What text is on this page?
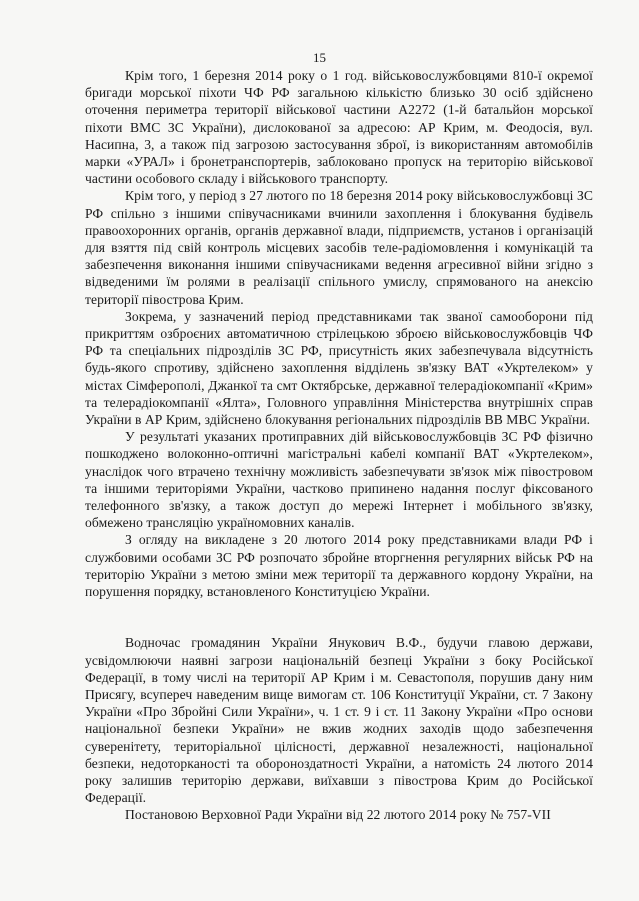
15

Крім того, 1 березня 2014 року о 1 год. військовослужбовцями 810-ї окремої бригади морської піхоти ЧФ РФ загальною кількістю близько 30 осіб здійснено оточення периметра території військової частини А2272 (1-й батальйон морської піхоти ВМС ЗС України), дислокованої за адресою: АР Крим, м. Феодосія, вул. Насипна, 3, а також під загрозою застосування зброї, із використанням автомобілів марки «УРАЛ» і бронетранспортерів, заблоковано пропуск на територію військової частини особового складу і військового транспорту.

Крім того, у період з 27 лютого по 18 березня 2014 року військовослужбовці ЗС РФ спільно з іншими співучасниками вчинили захоплення і блокування будівель правоохоронних органів, органів державної влади, підприємств, установ і організацій для взяття під свій контроль місцевих засобів теле-радіомовлення і комунікацій та забезпечення виконання іншими співучасниками ведення агресивної війни згідно з відведеними їм ролями в реалізації спільного умислу, спрямованого на анексію території півострова Крим.

Зокрема, у зазначений період представниками так званої самооборони під прикриттям озброєних автоматичною стрілецькою зброєю військовослужбовців ЧФ РФ та спеціальних підрозділів ЗС РФ, присутність яких забезпечувала відсутність будь-якого спротиву, здійснено захоплення відділень зв'язку ВАТ «Укртелеком» у містах Сімферополі, Джанкої та смт Октябрське, державної телерадіокомпанії «Крим» та телерадіокомпанії «Ялта», Головного управління Міністерства внутрішніх справ України в АР Крим, здійснено блокування регіональних підрозділів ВВ МВС України.

У результаті указаних протиправних дій військовослужбовців ЗС РФ фізично пошкоджено волоконно-оптичні магістральні кабелі компанії ВАТ «Укртелеком», унаслідок чого втрачено технічну можливість забезпечувати зв'язок між півостровом та іншими територіями України, частково припинено надання послуг фіксованого телефонного зв'язку, а також доступ до мережі Інтернет і мобільного зв'язку, обмежено трансляцію україномовних каналів.

З огляду на викладене з 20 лютого 2014 року представниками влади РФ і службовими особами ЗС РФ розпочато збройне вторгнення регулярних військ РФ на територію України з метою зміни меж території та державного кордону України, на порушення порядку, встановленого Конституцією України.

Водночас громадянин України Янукович В.Ф., будучи главою держави, усвідомлюючи наявні загрози національній безпеці України з боку Російської Федерації, в тому числі на території АР Крим і м. Севастополя, порушив дану ним Присягу, всупереч наведеним вище вимогам ст. 106 Конституції України, ст. 7 Закону України «Про Збройні Сили України», ч. 1 ст. 9 і ст. 11 Закону України «Про основи національної безпеки України» не вжив жодних заходів щодо забезпечення суверенітету, територіальної цілісності, державної незалежності, національної безпеки, недоторканості та обороноздатності України, а натомість 24 лютого 2014 року залишив територію держави, виїхавши з півострова Крим до Російської Федерації.

Постановою Верховної Ради України від 22 лютого 2014 року № 757-VII
